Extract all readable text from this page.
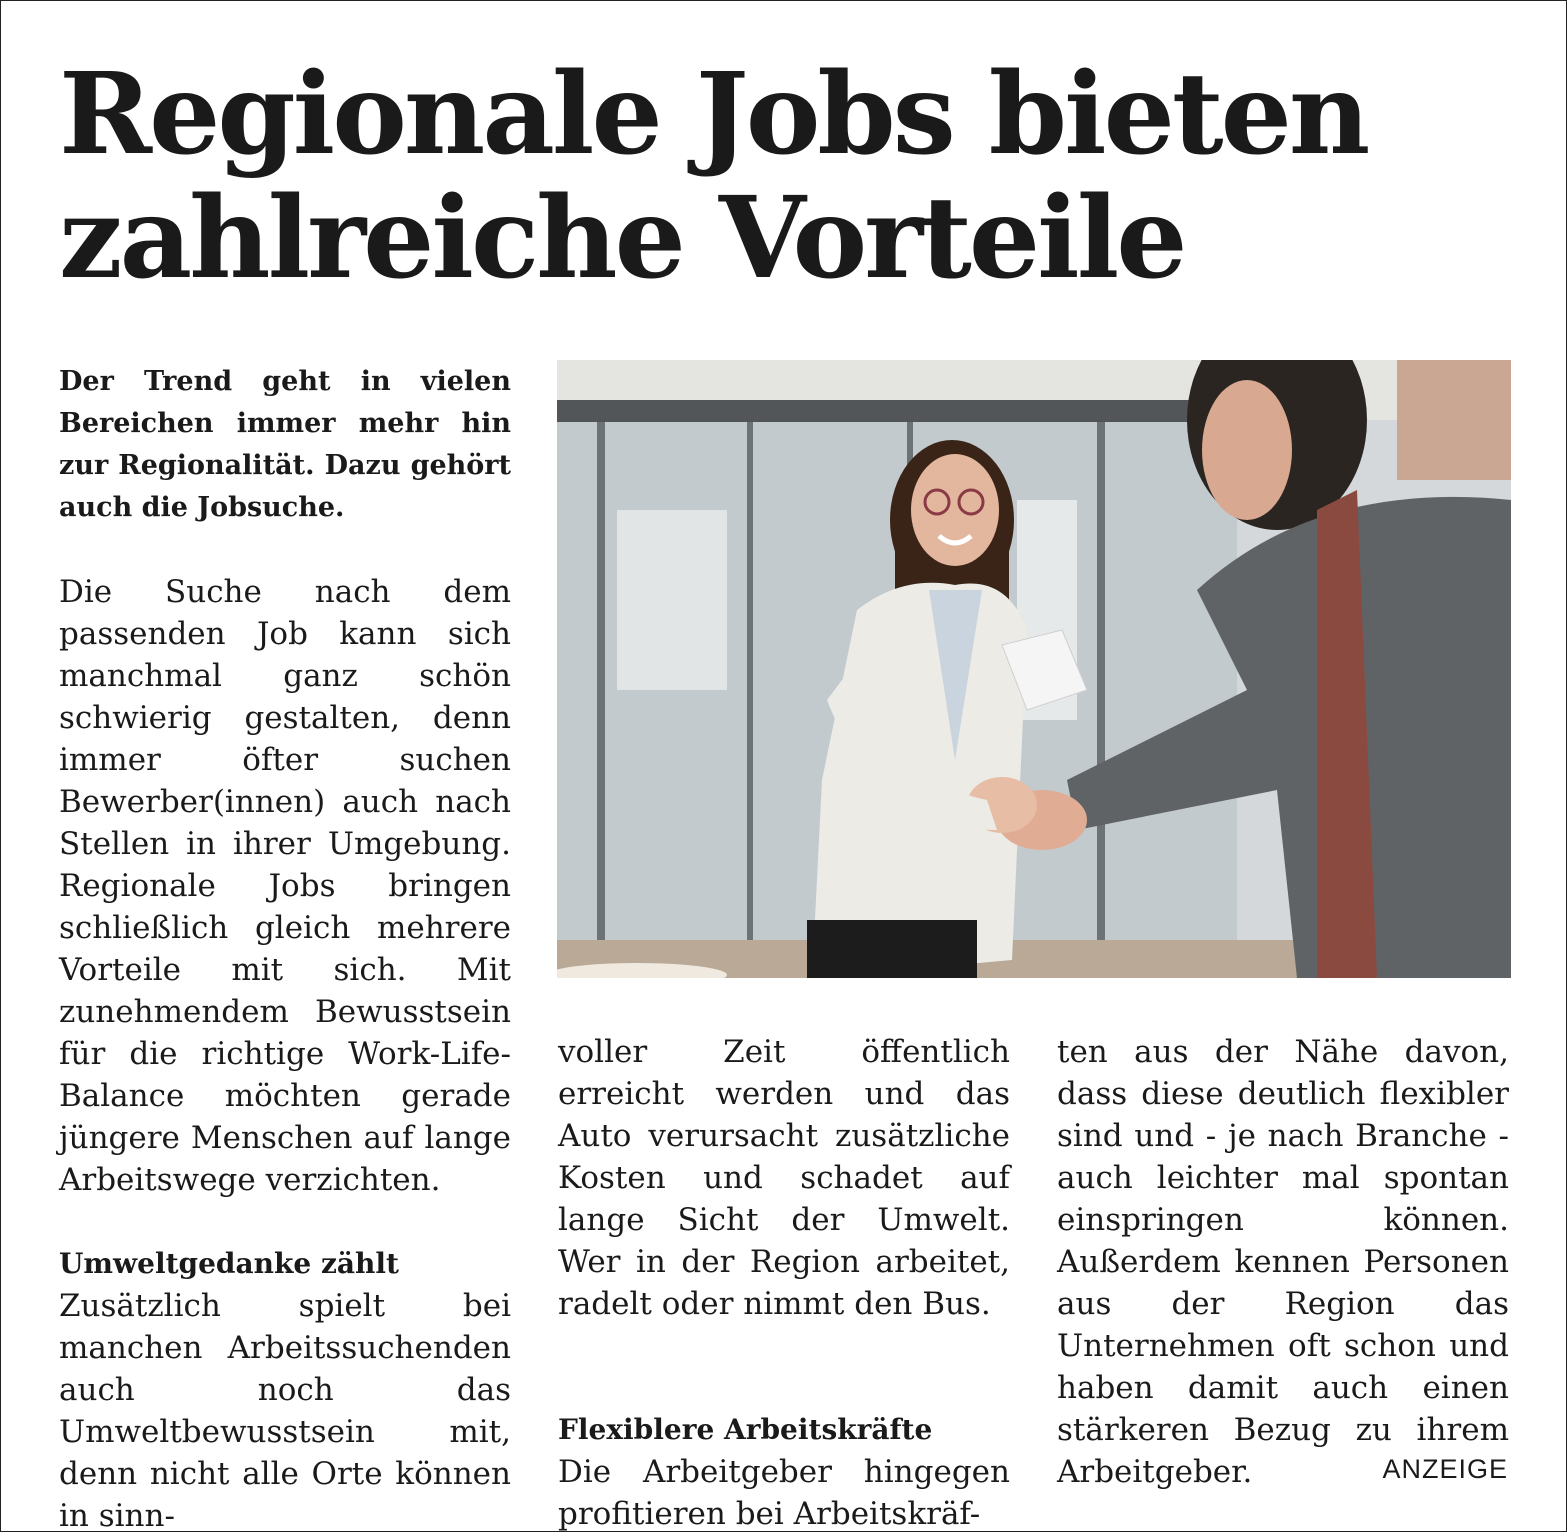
Regionale Jobs bieten
zahlreiche Vorteile

Der Trend geht in vielen Bereichen immer mehr hin zur Regionalität. Dazu gehört auch die Jobsuche.

Die Suche nach dem passenden Job kann sich manchmal ganz schön schwierig gestalten, denn immer öfter suchen Bewerber(innen) auch nach Stellen in ihrer Umgebung. Regionale Jobs bringen schließlich gleich mehrere Vorteile mit sich. Mit zunehmendem Bewusstsein für die richtige Work-Life-Balance möchten gerade jüngere Menschen auf lange Arbeitswege verzichten.

Umweltgedanke zählt

Zusätzlich spielt bei manchen Arbeitssuchenden auch noch das Umweltbewusstsein mit, denn nicht alle Orte können in sinn-

voller Zeit öffentlich erreicht werden und das Auto verursacht zusätzliche Kosten und schadet auf lange Sicht der Umwelt. Wer in der Region arbeitet, radelt oder nimmt den Bus.

Flexiblere Arbeitskräfte

Die Arbeitgeber hingegen profitieren bei Arbeitskräf-

ten aus der Nähe davon, dass diese deutlich flexibler sind und - je nach Branche - auch leichter mal spontan einspringen können. Außerdem kennen Personen aus der Region das Unternehmen oft schon und haben damit auch einen stärkeren Bezug zu ihrem Arbeitgeber.	ANZEIGE
